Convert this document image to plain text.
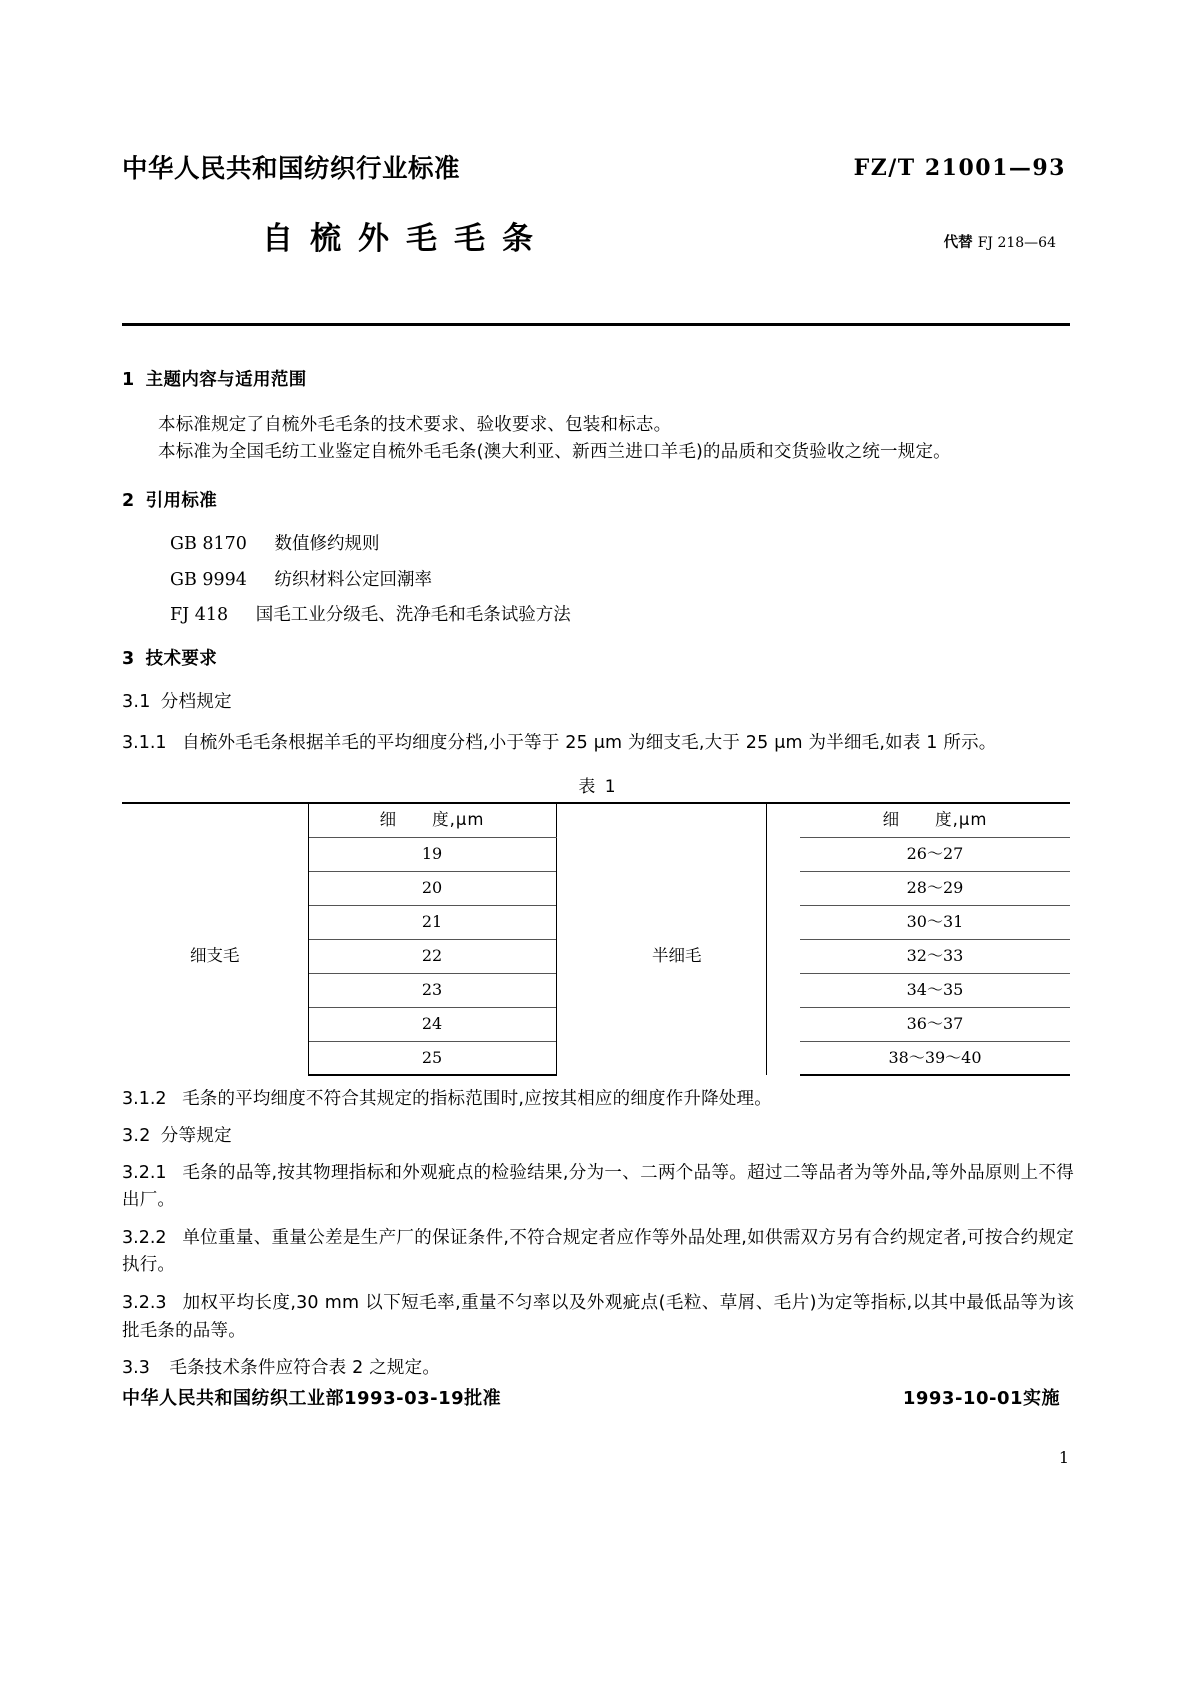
中华人民共和国纺织行业标准	FZ/T 21001—93
自梳外毛毛条	代替 FJ 218—64
1 主题内容与适用范围
本标准规定了自梳外毛毛条的技术要求、验收要求、包装和标志。
本标准为全国毛纺工业鉴定自梳外毛毛条(澳大利亚、新西兰进口羊毛)的品质和交货验收之统一规定。
2 引用标准
GB 8170 数值修约规则
GB 9994 纺织材料公定回潮率
FJ 418 国毛工业分级毛、洗净毛和毛条试验方法
3 技术要求
3.1 分档规定
3.1.1 自梳外毛毛条根据羊毛的平均细度分档,小于等于 25 μm 为细支毛,大于 25 μm 为半细毛,如表 1 所示。
表 1
	细　　度,μm				细　　度,μm
细支毛	19		半细毛		26～27
	20				28～29
	21				30～31
	22				32～33
	23				34～35
	24				36～37
	25				38～39～40
3.1.2 毛条的平均细度不符合其规定的指标范围时,应按其相应的细度作升降处理。
3.2 分等规定
3.2.1 毛条的品等,按其物理指标和外观疵点的检验结果,分为一、二两个品等。超过二等品者为等外品,等外品原则上不得出厂。
3.2.2 单位重量、重量公差是生产厂的保证条件,不符合规定者应作等外品处理,如供需双方另有合约规定者,可按合约规定执行。
3.2.3 加权平均长度,30 mm 以下短毛率,重量不匀率以及外观疵点(毛粒、草屑、毛片)为定等指标,以其中最低品等为该批毛条的品等。
3.3 毛条技术条件应符合表 2 之规定。
中华人民共和国纺织工业部1993-03-19批准	1993-10-01实施
1
